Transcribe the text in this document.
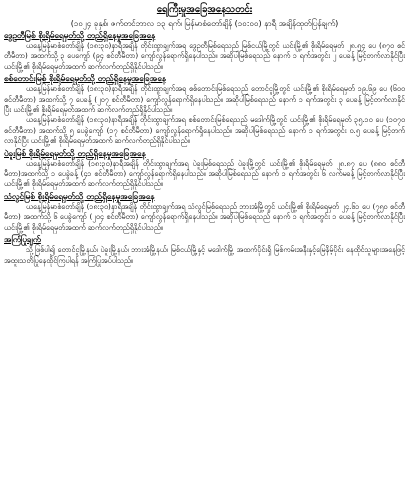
ရေကြီးမှုအခြေအနေသတင်း
(၁၀၂၄ ခုနှစ်၊ ဇက်တင်ဘာလ ၁၃ ရက်၊ မြန်မာစံတော်ချိန် (၁၀:၀၀) နာရီ အချိန်ထုတ်ပြန်ချက်)
ဒွေဥတီမြစ် စိုးရိမ်ရေမှတ်သို့ တည်ရှိနေမှုအခြေအနေ

ယနေ့မြန်မာစံတော်ချိန် (၁၈:၃၀)နာရီအချိန် တိုင်းထွာချက်အရ ဒွေဥတီမြစ်ရေသည် မြစ်ငယ်မြို့တွင် ယင်းမြို့၏ စိုးရိမ်ရေမှတ် ၂၈.၅၄ ပေ (၈၇၀ စင်တီမီတာ) အထက်သို့ ၃ ပေကျော် (၉၄ စင်တီမီတာ) ကျော်လွန်ရောက်ရှိနေပါသည်။ အဆိုပါမြစ်ရေသည် နောက် ၁ ရက်အတွင်း ၂ ပေခန့် မြင့်တက်လာနိုင်ပြီး ယင်းမြို့၏ စိုးရိမ်ရေမှတ်အထက် ဆက်လက်တည်ရှိနိုင်ပါသည်။

စစ်တောင်းမြစ် စိုးရိမ်ရေမှတ်သို့ တည်ရှိနေမှုအခြေအနေ

ယနေ့မြန်မာစံတော်ချိန် (၁၈:၃၀)နာရီအချိန် တိုင်းထွာချက်အရ စစ်တောင်းမြစ်ရေသည် တောင်ငူမြို့တွင် ယင်းမြို့၏ စိုးရိမ်ရေမှတ် ၁၉.၆၉ ပေ (၆၀၀ စင်တီမီတာ) အထက်သို့ ၇ ပေခန့် (၂၀၇ စင်တီမီတာ) ကျော်လွန်ရောက်ရှိနေပါသည်။ အဆိုပါမြစ်ရေသည် နောက် ၁ ရက်အတွင်း ၃ ပေခန့် မြင့်တက်လာနိုင်ပြီး ယင်းမြို့၏ စိုးရိမ်ရေမှတ်အထက် ဆက်လက်တည်ရှိနိုင်ပါသည်။

ယနေ့မြန်မာစံတော်ချိန် (၁၈:၃၀)နာရီအချိန် တိုင်းထွာချက်အရ စစ်တောင်းမြစ်ရေသည် မဒေါက်မြို့တွင် ယင်းမြို့၏ စိုးရိမ်ရေမှတ် ၃၅.၁၀ ပေ (၁၀၇၀ စင်တီမီတာ) အထက်သို့ ၅ ပေခွဲကျော် (၁၇ စင်တီမီတာ) ကျော်လွန်ရောက်ရှိနေပါသည်။ အဆိုပါမြစ်ရေသည် နောက် ၁ ရက်အတွင်း ၀.၅ ပေခန့် မြင့်တက်လာနိုင်ပြီး ယင်းမြို့၏ စိုးရိမ်ရေမှတ်အထက် ဆက်လက်တည်ရှိနိုင်ပါသည်။

ပဲခူးမြစ် စိုးရိမ်ရေမှတ်သို့ တည်ရှိနေမှုအခြေအနေ

ယနေ့မြန်မာစံတော်ချိန် (၁၈:၃၀)နာရီအချိန် တိုင်းထွာချက်အရ ပဲခူးမြစ်ရေသည် ပဲခူးမြို့တွင် ယင်းမြို့၏ စိုးရိမ်ရေမှတ် ၂၈.၈၇ ပေ (၈၈၀ စင်တီမီတာ)အထက်သို့ ၁ ပေခွဲခန့် (၄၁ စင်တီမီတာ) ကျော်လွန်ရောက်ရှိနေပါသည်။ အဆိုပါမြစ်ရေသည် နောက် ၁ ရက်အတွင်း ၆ လက်မခန့် မြင့်တက်လာနိုင်ပြီး ယင်းမြို့၏ စိုးရိမ်ရေမှတ်အထက် ဆက်လက်တည်ရှိနိုင်ပါသည်။

သံလွင်မြစ် စိုးရိမ်ရေမှတ်သို့ တည်ရှိနေမှုအခြေအနေ

ယနေ့မြန်မာစံတော်ချိန် (၁၈:၃၀)နာရီအချိန် တိုင်းထွာချက်အရ သံလွင်မြစ်ရေသည် ဘားအံမြို့တွင် ယင်းမြို့၏ စိုးရိမ်ရေမှတ် ၂၄.၆၁ ပေ (၇၅၀ စင်တီမီတာ) အထက်သို့ ၆ ပေခွဲကျော် (၂၀၄ စင်တီမီတာ) ကျော်လွန်ရောက်ရှိနေပါသည်။ အဆိုပါမြစ်ရေသည် နောက် ၁ ရက်အတွင်း ၁ ပေခန့် မြင့်တက်လာနိုင်ပြီး ယင်းမြို့၏ စိုးရိမ်ရေမှတ်အထက် ဆက်လက်တည်ရှိနိုင်ပါသည်။

အကြံပြုချက်

သို့ဖြစ်ပါ၍ တောင်ငူမြို့နယ်၊ ပဲခူးမြို့နယ်၊ ဘားအံမြို့နယ်၊ မြစ်ငယ်မြို့နှင့် မဒေါက်မြို့ အထက်ပိုင်းရှိ မြစ်ကမ်းအနီးနှင့်မြေနိမ့်ပိုင်း နေထိုင်သူများအနေဖြင့် အထူးသတိပြုနေထိုင်ကြပါရန် အကြံပြုအပ်ပါသည်။
